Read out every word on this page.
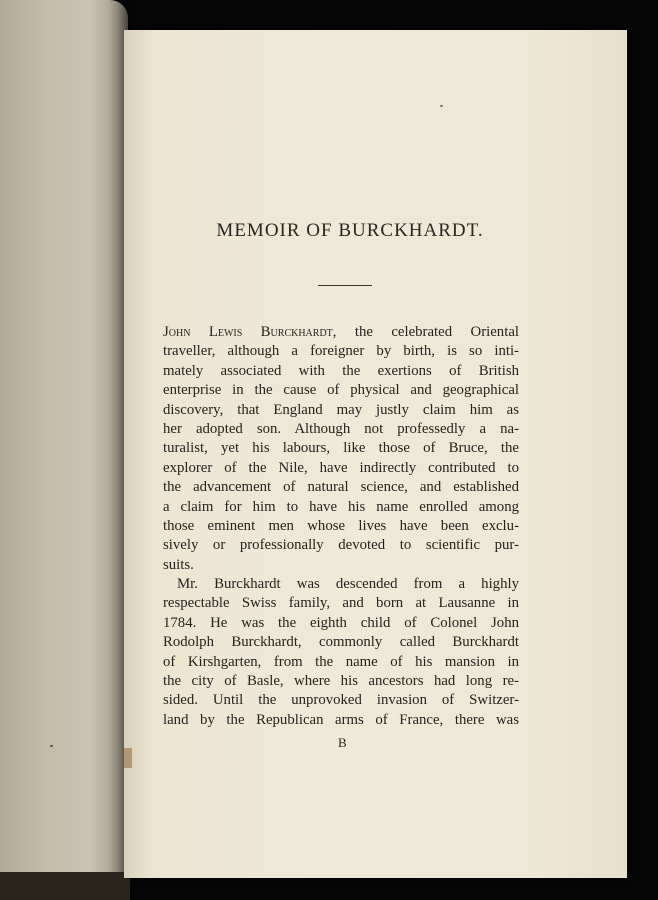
MEMOIR OF BURCKHARDT.
John Lewis Burckhardt, the celebrated Oriental
traveller, although a foreigner by birth, is so inti-
mately associated with the exertions of British
enterprise in the cause of physical and geographical
discovery, that England may justly claim him as
her adopted son. Although not professedly a na-
turalist, yet his labours, like those of Bruce, the
explorer of the Nile, have indirectly contributed to
the advancement of natural science, and established
a claim for him to have his name enrolled among
those eminent men whose lives have been exclu-
sively or professionally devoted to scientific pur-
suits.
Mr. Burckhardt was descended from a highly
respectable Swiss family, and born at Lausanne in
1784. He was the eighth child of Colonel John
Rodolph Burckhardt, commonly called Burckhardt
of Kirshgarten, from the name of his mansion in
the city of Basle, where his ancestors had long re-
sided. Until the unprovoked invasion of Switzer-
land by the Republican arms of France, there was
B
